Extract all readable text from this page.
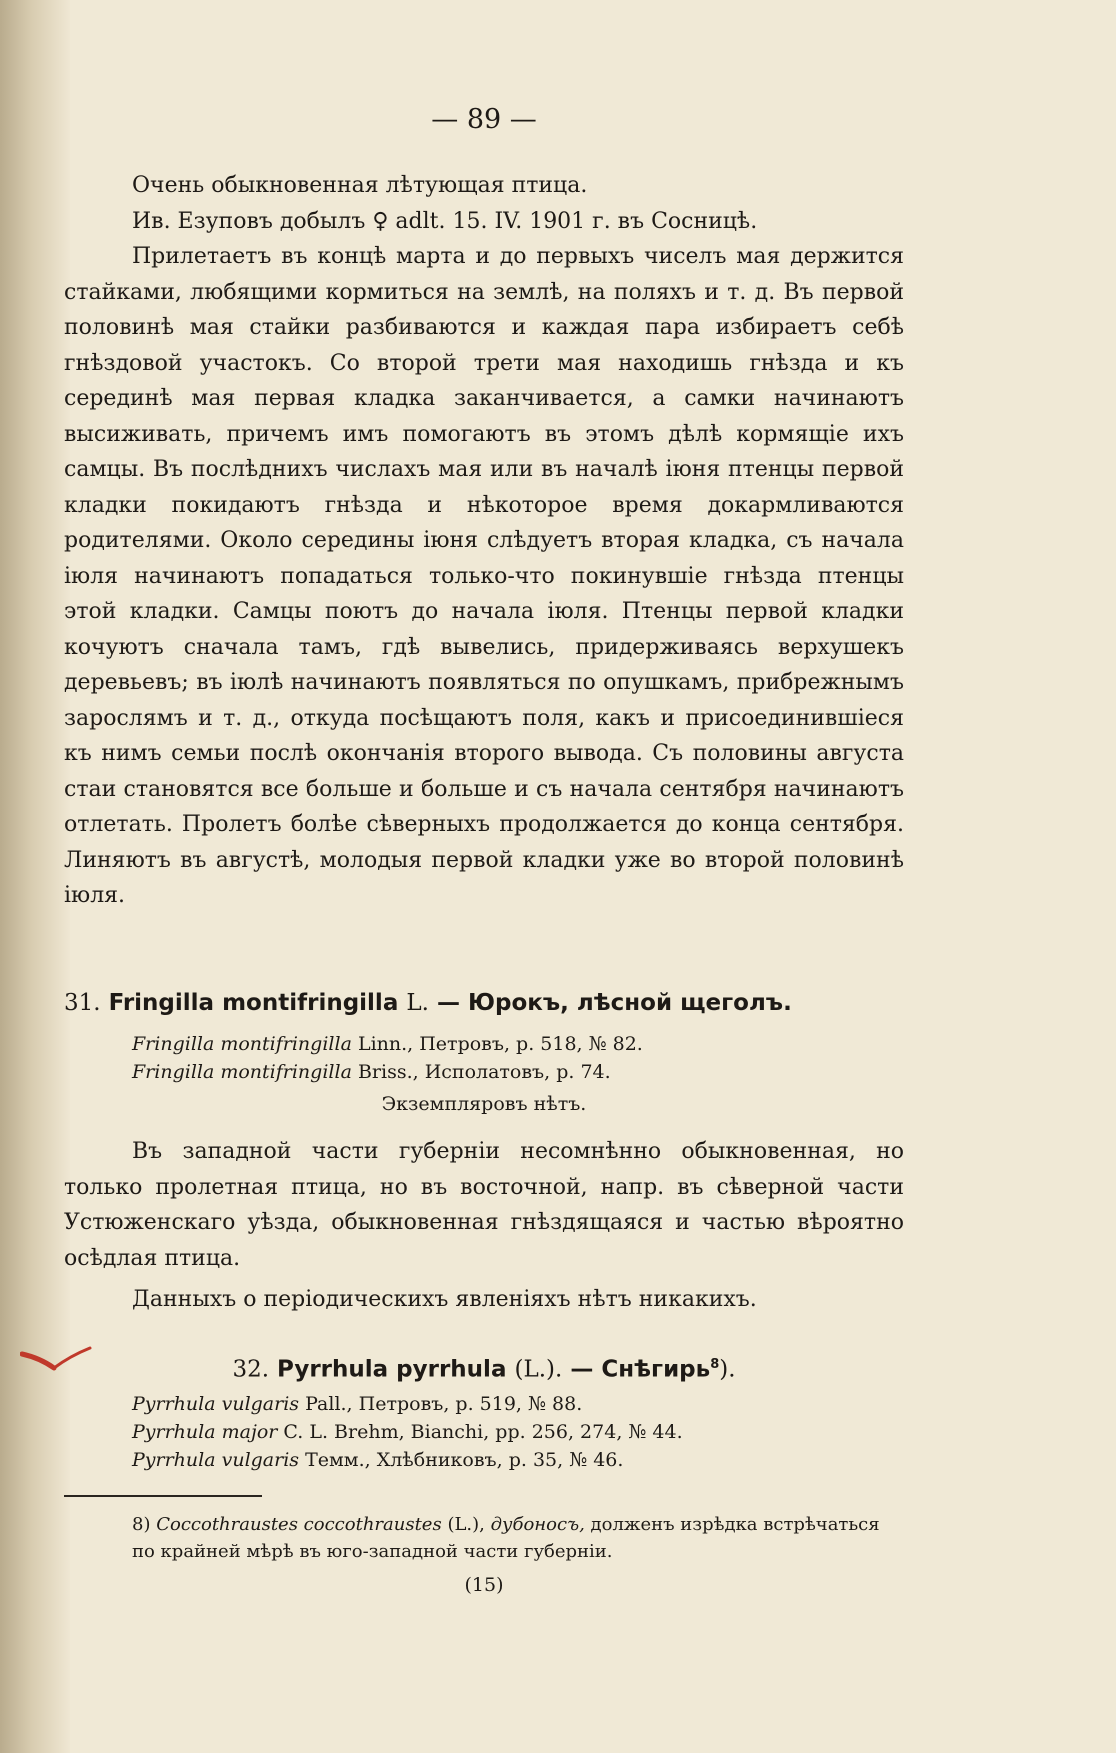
— 89 —

Очень обыкновенная лѣтующая птица.

Ив. Езуповъ добылъ ♀ adlt. 15. IV. 1901 г. въ Сосницѣ.

Прилетаетъ въ концѣ марта и до первыхъ чиселъ мая держится стайками, любящими кормиться на землѣ, на поляхъ и т. д. Въ первой половинѣ мая стайки разбиваются и каждая пара избираетъ себѣ гнѣздовой участокъ. Со второй трети мая находишь гнѣзда и къ серединѣ мая первая кладка заканчивается, а самки начинаютъ высиживать, причемъ имъ помогаютъ въ этомъ дѣлѣ кормящіе ихъ самцы. Въ послѣднихъ числахъ мая или въ началѣ іюня птенцы первой кладки покидаютъ гнѣзда и нѣкоторое время докармливаются родителями. Около середины іюня слѣдуетъ вторая кладка, съ начала іюля начинаютъ попадаться только-что покинувшіе гнѣзда птенцы этой кладки. Самцы поютъ до начала іюля. Птенцы первой кладки кочуютъ сначала тамъ, гдѣ вывелись, придерживаясь верхушекъ деревьевъ; въ іюлѣ начинаютъ появляться по опушкамъ, прибрежнымъ зарослямъ и т. д., откуда посѣщаютъ поля, какъ и присоединившіеся къ нимъ семьи послѣ окончанія второго вывода. Съ половины августа стаи становятся все больше и больше и съ начала сентября начинаютъ отлетать. Пролетъ болѣе сѣверныхъ продолжается до конца сентября. Линяютъ въ августѣ, молодыя первой кладки уже во второй половинѣ іюля.

31. Fringilla montifringilla L. — Юрокъ, лѣсной щеголъ.

Fringilla montifringilla Linn., Петровъ, р. 518, № 82.

Fringilla montifringilla Briss., Исполатовъ, р. 74.

Экземпляровъ нѣтъ.

Въ западной части губерніи несомнѣнно обыкновенная, но только пролетная птица, но въ восточной, напр. въ сѣверной части Устюженскаго уѣзда, обыкновенная гнѣздящаяся и частью вѣроятно осѣдлая птица.

Данныхъ о періодическихъ явленіяхъ нѣтъ никакихъ.

32. Pyrrhula pyrrhula (L.). — Снѣгирь$^8$).

Pyrrhula vulgaris Pall., Петровъ, р. 519, № 88.

Pyrrhula major C. L. Brehm, Bianchi, pp. 256, 274, № 44.

Pyrrhula vulgaris Темм., Хлѣбниковъ, р. 35, № 46.

8) Coccothraustes coccothraustes (L.), дубоносъ, долженъ изрѣдка встрѣчаться по крайней мѣрѣ въ юго-западной части губерніи.

(15)
